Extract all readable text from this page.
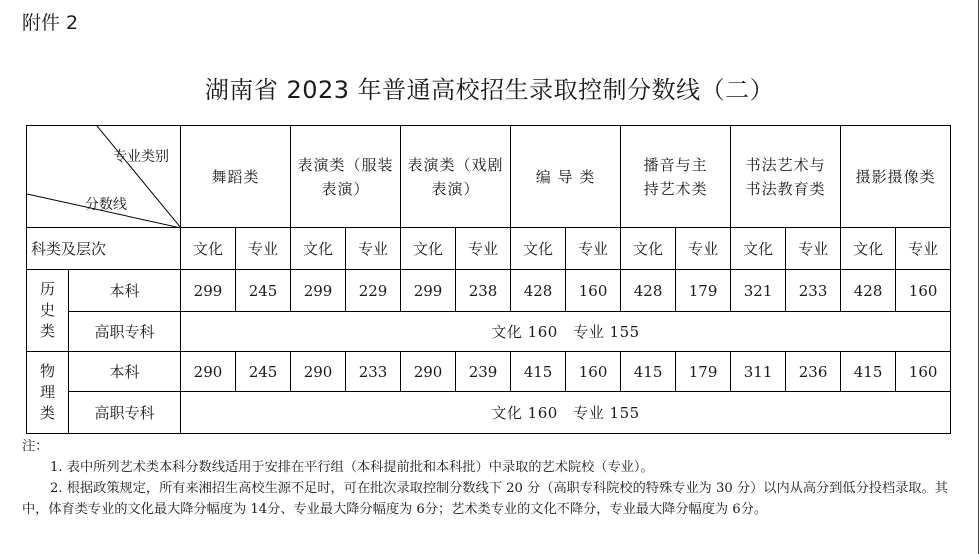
附件 2
湖南省 2023 年普通高校招生录取控制分数线（二）
专业类别
分数线		舞蹈类		表演类（服装表演）		表演类（戏剧表演）		编 导 类		播音与主持艺术类		书法艺术与书法教育类		摄影摄像类	
科类及层次		文化	专业	文化	专业	文化	专业	文化	专业	文化	专业	文化	专业	文化	专业

历史类	本科	299	245	299	229	299	238	428	160	428	179	321	233	428	160
	高职专科	文化 160　专业 155													

物理类	本科	290	245	290	233	290	239	415	160	415	179	311	236	415	160
	高职专科	文化 160　专业 155													
注：
1. 表中所列艺术类本科分数线适用于安排在平行组（本科提前批和本科批）中录取的艺术院校（专业）。
2. 根据政策规定，所有来湘招生高校生源不足时，可在批次录取控制分数线下 20 分（高职专科院校的特殊专业为 30 分）以内从高分到低分投档录取。其中，体育类专业的文化最大降分幅度为 14分、专业最大降分幅度为 6分；艺术类专业的文化不降分，专业最大降分幅度为 6分。
